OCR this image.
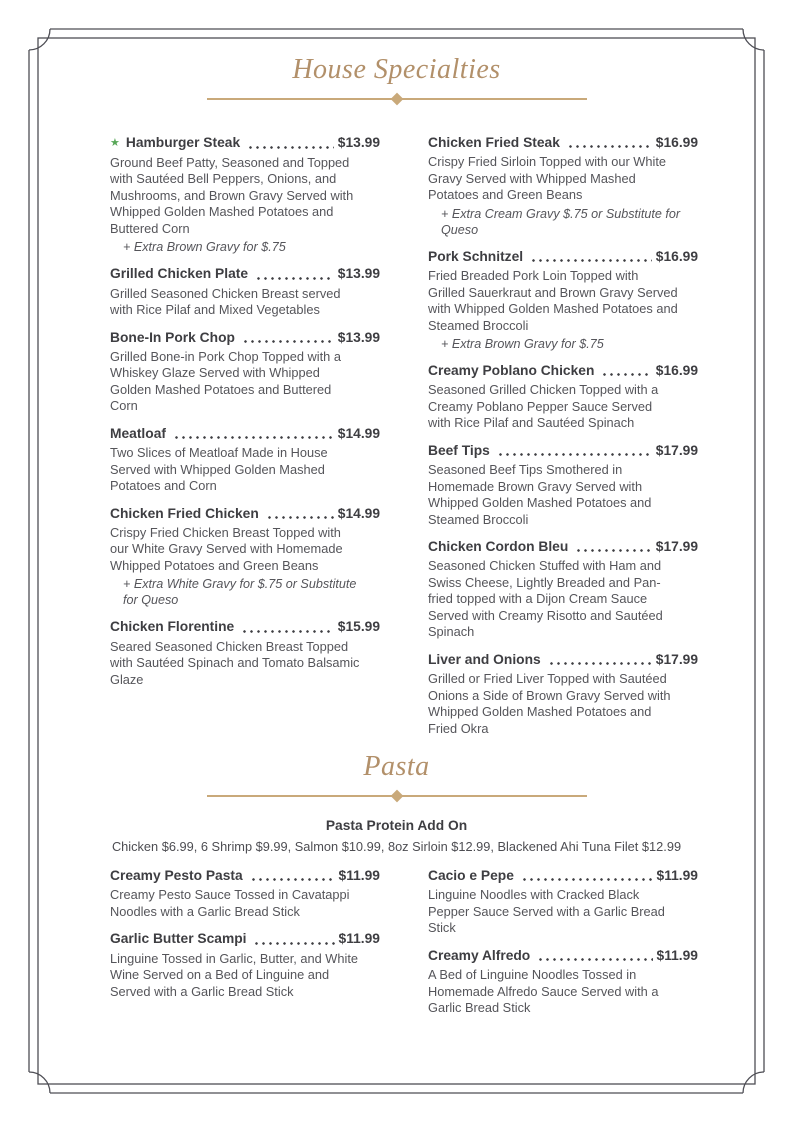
House Specialties
★ Hamburger Steak	$13.99
Ground Beef Patty, Seasoned and Topped with Sautéed Bell Peppers, Onions, and Mushrooms, and Brown Gravy Served with Whipped Golden Mashed Potatoes and Buttered Corn
+ Extra Brown Gravy for $.75
Grilled Chicken Plate	$13.99
Grilled Seasoned Chicken Breast served with Rice Pilaf and Mixed Vegetables
Bone-In Pork Chop	$13.99
Grilled Bone-in Pork Chop Topped with a Whiskey Glaze Served with Whipped Golden Mashed Potatoes and Buttered Corn
Meatloaf	$14.99
Two Slices of Meatloaf Made in House Served with Whipped Golden Mashed Potatoes and Corn
Chicken Fried Chicken	$14.99
Crispy Fried Chicken Breast Topped with our White Gravy Served with Homemade Whipped Potatoes and Green Beans
+ Extra White Gravy for $.75 or Substitute for Queso
Chicken Florentine	$15.99
Seared Seasoned Chicken Breast Topped with Sautéed Spinach and Tomato Balsamic Glaze
Chicken Fried Steak	$16.99
Crispy Fried Sirloin Topped with our White Gravy Served with Whipped Mashed Potatoes and Green Beans
+ Extra Cream Gravy $.75 or Substitute for Queso
Pork Schnitzel	$16.99
Fried Breaded Pork Loin Topped with Grilled Sauerkraut and Brown Gravy Served with Whipped Golden Mashed Potatoes and Steamed Broccoli
+ Extra Brown Gravy for $.75
Creamy Poblano Chicken	$16.99
Seasoned Grilled Chicken Topped with a Creamy Poblano Pepper Sauce Served with Rice Pilaf and Sautéed Spinach
Beef Tips	$17.99
Seasoned Beef Tips Smothered in Homemade Brown Gravy Served with Whipped Golden Mashed Potatoes and Steamed Broccoli
Chicken Cordon Bleu	$17.99
Seasoned Chicken Stuffed with Ham and Swiss Cheese, Lightly Breaded and Pan-fried topped with a Dijon Cream Sauce Served with Creamy Risotto and Sautéed Spinach
Liver and Onions	$17.99
Grilled or Fried Liver Topped with Sautéed Onions a Side of Brown Gravy Served with Whipped Golden Mashed Potatoes and Fried Okra
Pasta
Pasta Protein Add On
Chicken $6.99, 6 Shrimp $9.99, Salmon $10.99, 8oz Sirloin $12.99, Blackened Ahi Tuna Filet $12.99
Creamy Pesto Pasta	$11.99
Creamy Pesto Sauce Tossed in Cavatappi Noodles with a Garlic Bread Stick
Garlic Butter Scampi	$11.99
Linguine Tossed in Garlic, Butter, and White Wine Served on a Bed of Linguine and Served with a Garlic Bread Stick
Cacio e Pepe	$11.99
Linguine Noodles with Cracked Black Pepper Sauce Served with a Garlic Bread Stick
Creamy Alfredo	$11.99
A Bed of Linguine Noodles Tossed in Homemade Alfredo Sauce Served with a Garlic Bread Stick
